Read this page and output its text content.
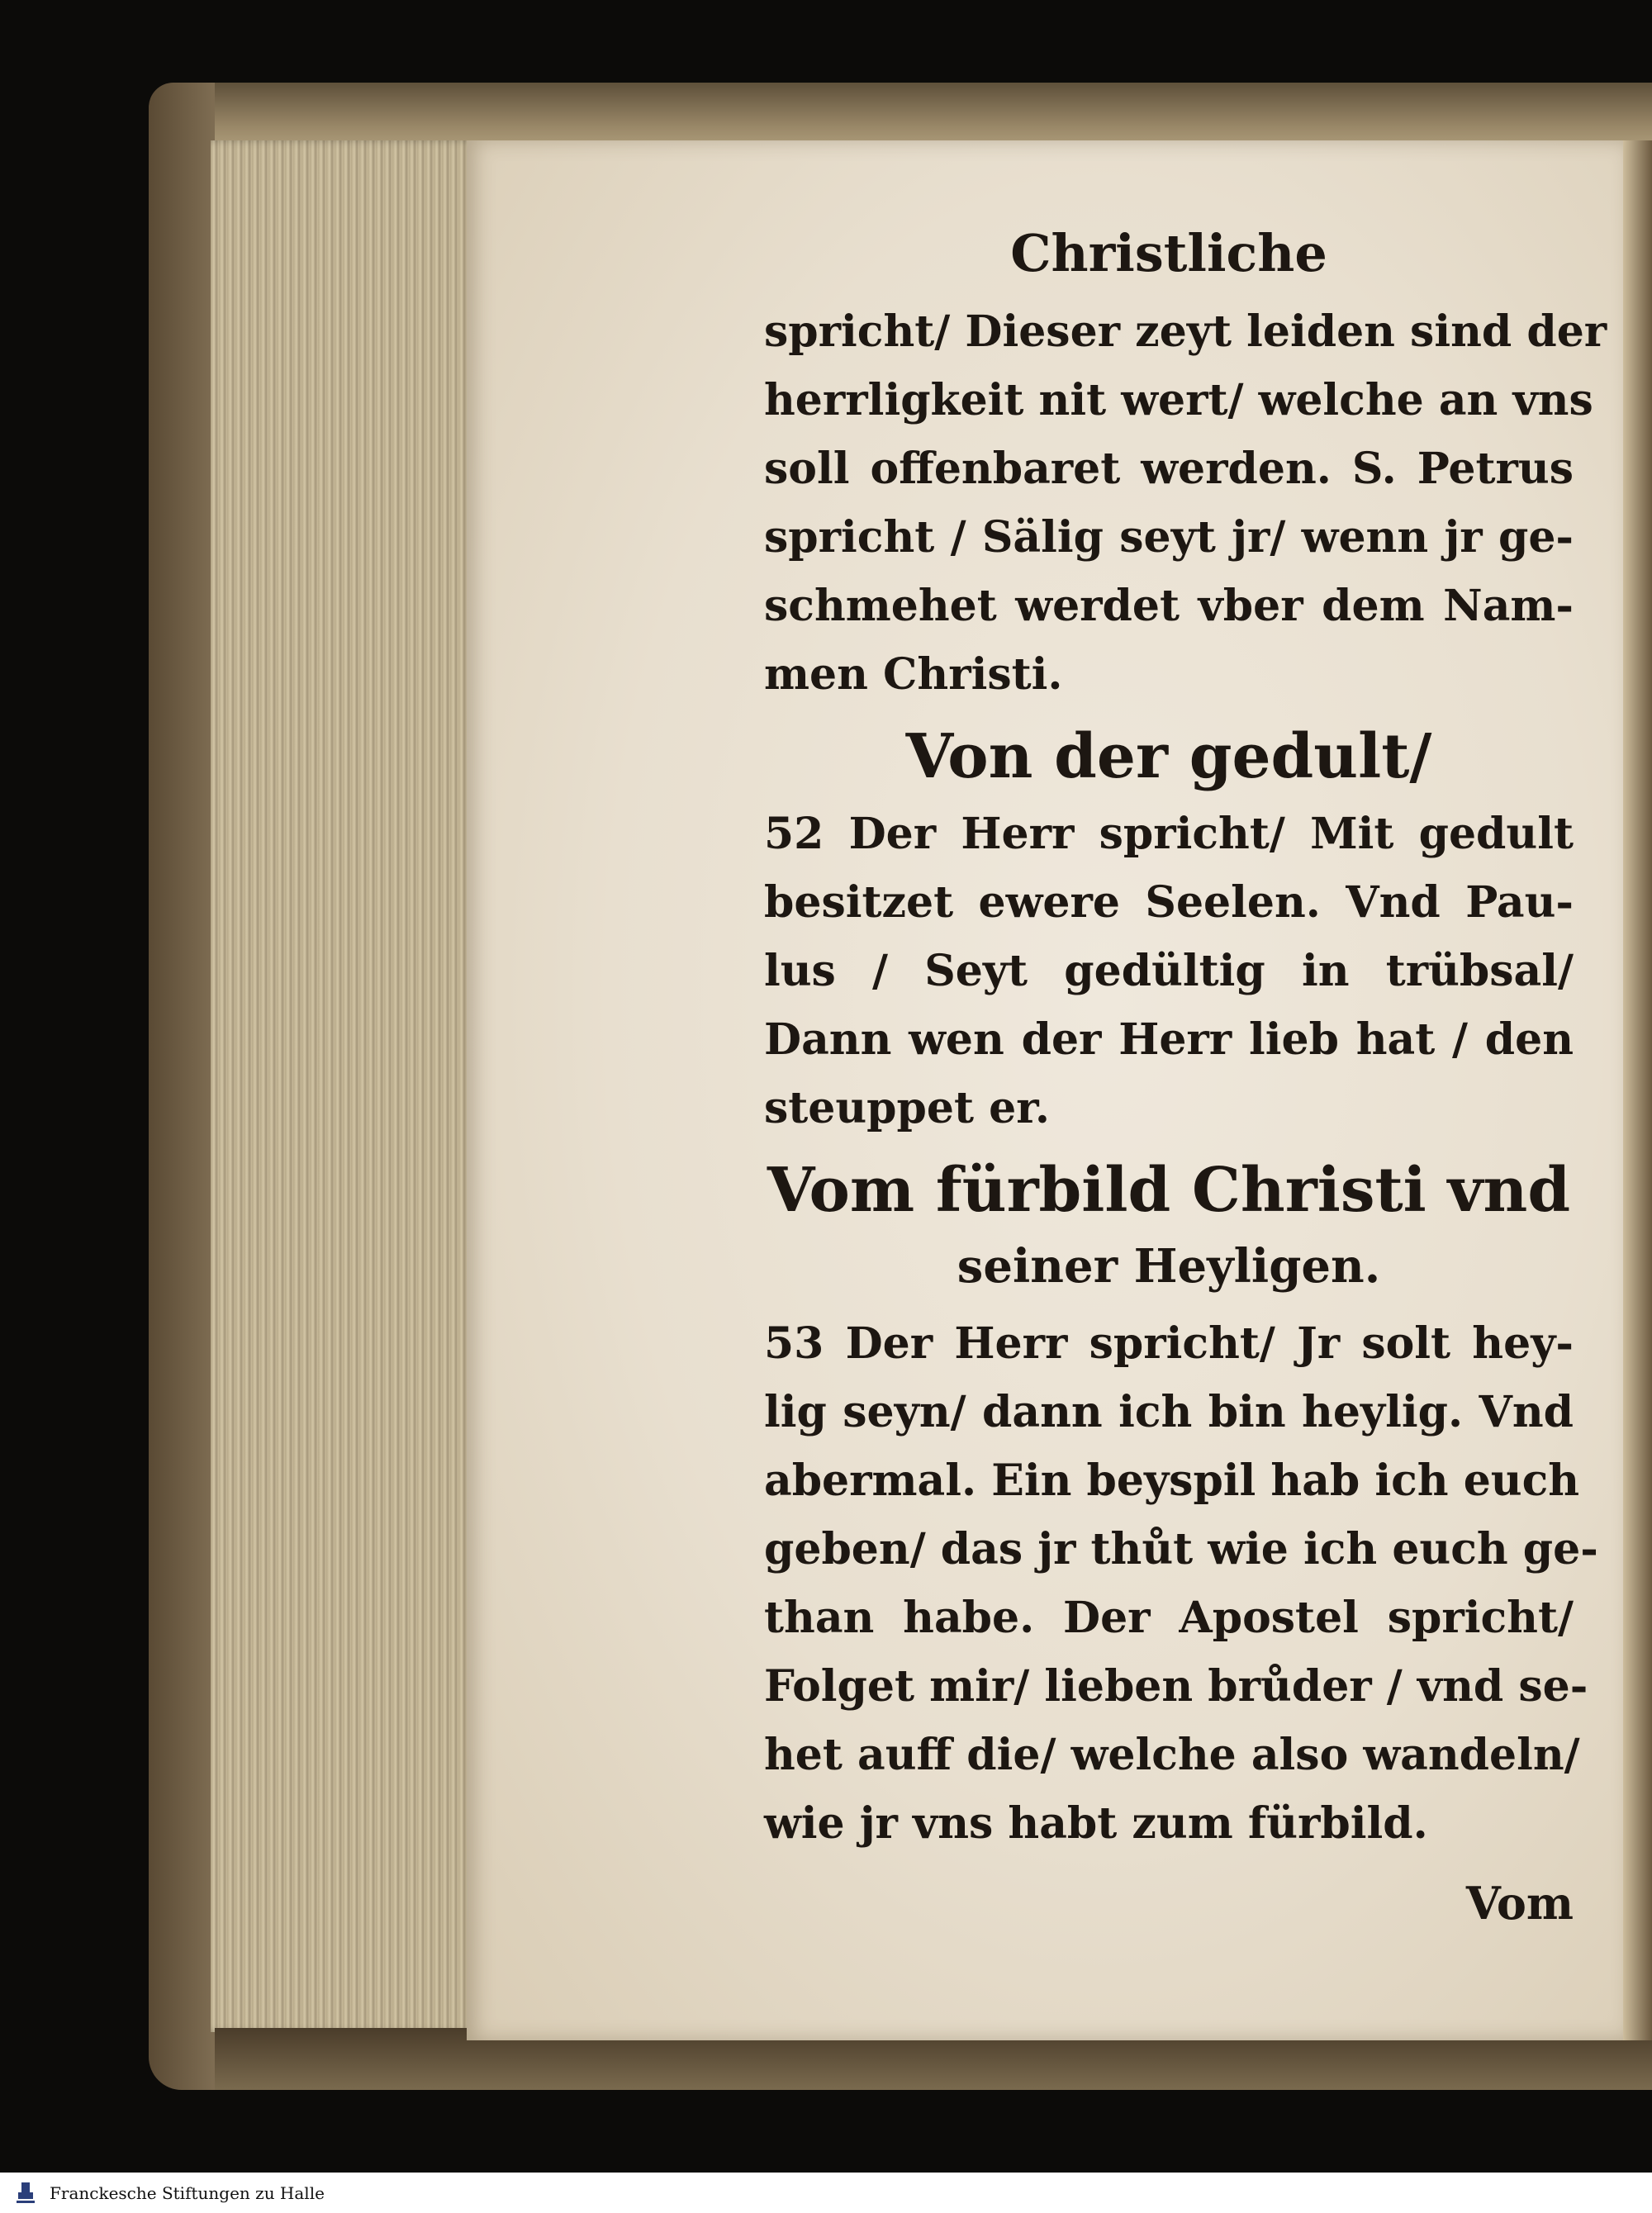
Christliche

spricht/ Dieser zeyt leiden sind der
herrligkeit nit wert/ welche an vns
soll offenbaret werden. S. Petrus
spricht / Sälig seyt jr/ wenn jr ge-
schmehet werdet vber dem Nam-
men Christi.

Von der gedult/

52 Der Herr spricht/ Mit gedult
besitzet ewere Seelen. Vnd Pau-
lus / Seyt gedültig in trübsal/
Dann wen der Herr lieb hat / den
steuppet er.

Vom fürbild Christi vnd
seiner Heyligen.

53 Der Herr spricht/ Jr solt hey-
lig seyn/ dann ich bin heylig. Vnd
abermal. Ein beyspil hab ich euch
geben/ das jr thůt wie ich euch ge-
than habe. Der Apostel spricht/
Folget mir/ lieben brůder / vnd se-
het auff die/ welche also wandeln/
wie jr vns habt zum fürbild.

Vom
Franckesche Stiftungen zu Halle
